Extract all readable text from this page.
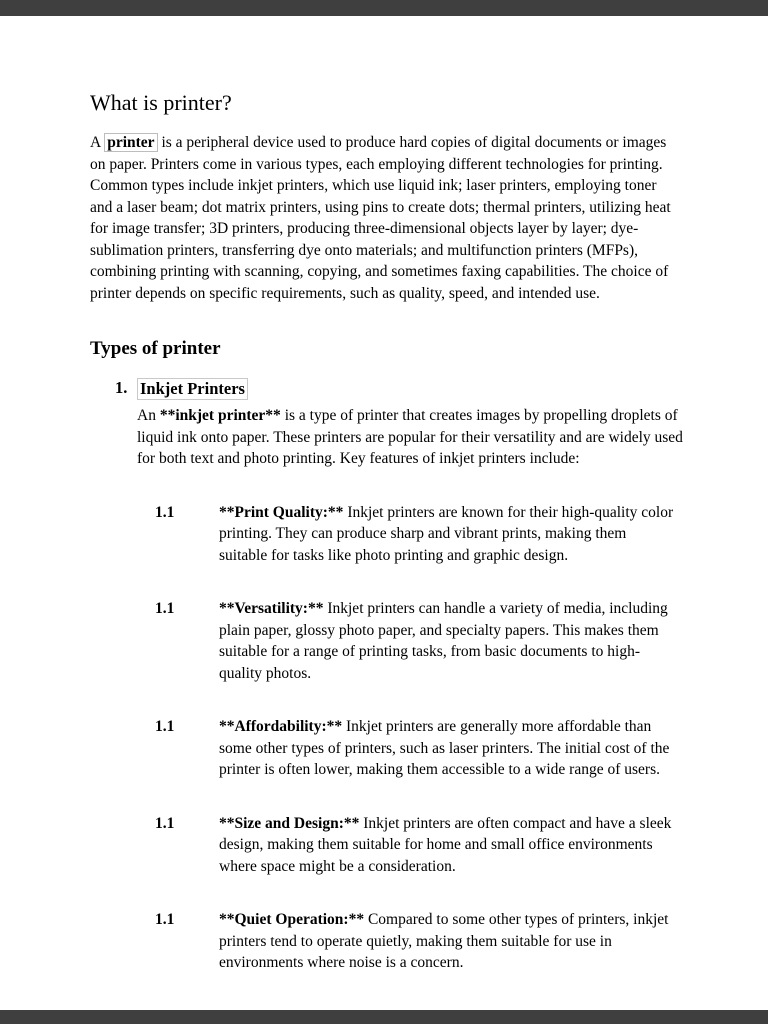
What is printer?

A printer is a peripheral device used to produce hard copies of digital documents or images on paper. Printers come in various types, each employing different technologies for printing. Common types include inkjet printers, which use liquid ink; laser printers, employing toner and a laser beam; dot matrix printers, using pins to create dots; thermal printers, utilizing heat for image transfer; 3D printers, producing three-dimensional objects layer by layer; dye-sublimation printers, transferring dye onto materials; and multifunction printers (MFPs), combining printing with scanning, copying, and sometimes faxing capabilities. The choice of printer depends on specific requirements, such as quality, speed, and intended use.

Types of printer
1. Inkjet Printers

An **inkjet printer** is a type of printer that creates images by propelling droplets of liquid ink onto paper. These printers are popular for their versatility and are widely used for both text and photo printing. Key features of inkjet printers include:

1.1	**Print Quality:** Inkjet printers are known for their high-quality color printing. They can produce sharp and vibrant prints, making them suitable for tasks like photo printing and graphic design.
1.1	**Versatility:** Inkjet printers can handle a variety of media, including plain paper, glossy photo paper, and specialty papers. This makes them suitable for a range of printing tasks, from basic documents to high-quality photos.
1.1	**Affordability:** Inkjet printers are generally more affordable than some other types of printers, such as laser printers. The initial cost of the printer is often lower, making them accessible to a wide range of users.
1.1	**Size and Design:** Inkjet printers are often compact and have a sleek design, making them suitable for home and small office environments where space might be a consideration.
1.1	**Quiet Operation:** Compared to some other types of printers, inkjet printers tend to operate quietly, making them suitable for use in environments where noise is a concern.
